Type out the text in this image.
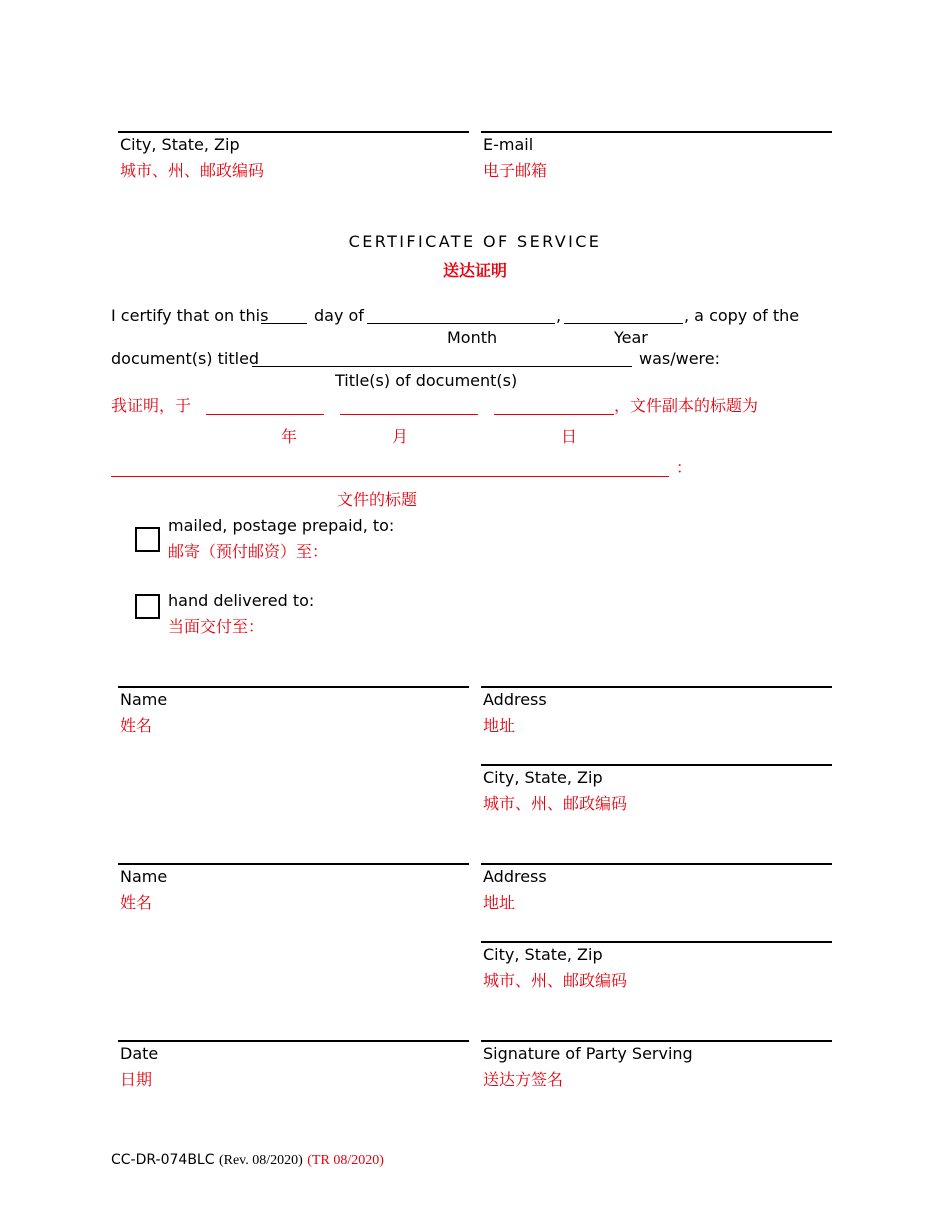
City, State, Zip
城市、州、邮政编码
E-mail
电子邮箱
CERTIFICATE OF SERVICE
送达证明
I certify that on this	day of	,	, a copy of the
Month	Year
document(s) titled	was/were:
Title(s) of document(s)
我证明，于	，文件副本的标题为
年	月	日
：
文件的标题
mailed, postage prepaid, to:
邮寄（预付邮资）至：
hand delivered to:
当面交付至：
Name
姓名
Address
地址
City, State, Zip
城市、州、邮政编码
Name
姓名
Address
地址
City, State, Zip
城市、州、邮政编码
Date
日期
Signature of Party Serving
送达方签名
CC-DR-074BLC (Rev. 08/2020) (TR 08/2020)
